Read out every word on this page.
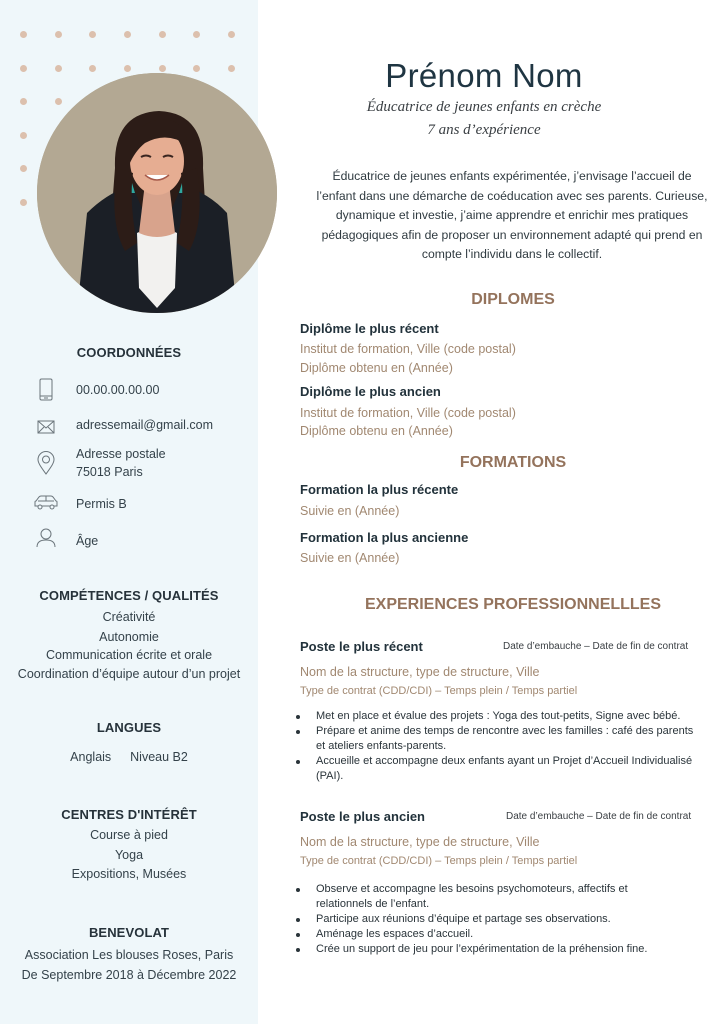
00.00.00.00.00
adressemail@gmail.com
Adresse postale
75018 Paris
Permis B
Âge
COORDONNÉES
COMPÉTENCES / QUALITÉS
Créativité
Autonomie
Communication écrite et orale
Coordination d’équipe autour d’un projet
LANGUES
Anglais Niveau B2
CENTRES D'INTÉRÊT
Course à pied
Yoga
Expositions, Musées
BENEVOLAT
Association Les blouses Roses, Paris
De Septembre 2018 à Décembre 2022
Prénom Nom
Éducatrice de jeunes enfants en crèche
7 ans d’expérience

Éducatrice de jeunes enfants expérimentée, j’envisage l’accueil de l’enfant dans une démarche de coéducation avec ses parents. Curieuse, dynamique et investie, j’aime apprendre et enrichir mes pratiques pédagogiques afin de proposer un environnement adapté qui prend en compte l’individu dans le collectif.

DIPLOMES
Diplôme le plus récent
Institut de formation, Ville (code postal)
Diplôme obtenu en (Année)
Diplôme le plus ancien
Institut de formation, Ville (code postal)
Diplôme obtenu en (Année)
FORMATIONS
Formation la plus récente
Suivie en (Année)
Formation la plus ancienne
Suivie en (Année)
EXPERIENCES PROFESSIONNELLLES
Poste le plus récent	Date d’embauche – Date de fin de contrat
Nom de la structure, type de structure, Ville
Type de contrat (CDD/CDI) – Temps plein / Temps partiel
Met en place et évalue des projets : Yoga des tout-petits, Signe avec bébé.
Prépare et anime des temps de rencontre avec les familles : café des parents et ateliers enfants-parents.
Accueille et accompagne deux enfants ayant un Projet d’Accueil Individualisé (PAI).
Poste le plus ancien	Date d’embauche – Date de fin de contrat
Nom de la structure, type de structure, Ville
Type de contrat (CDD/CDI) – Temps plein / Temps partiel
Observe et accompagne les besoins psychomoteurs, affectifs et relationnels de l’enfant.
Participe aux réunions d’équipe et partage ses observations.
Aménage les espaces d’accueil.
Crée un support de jeu pour l’expérimentation de la préhension fine.
